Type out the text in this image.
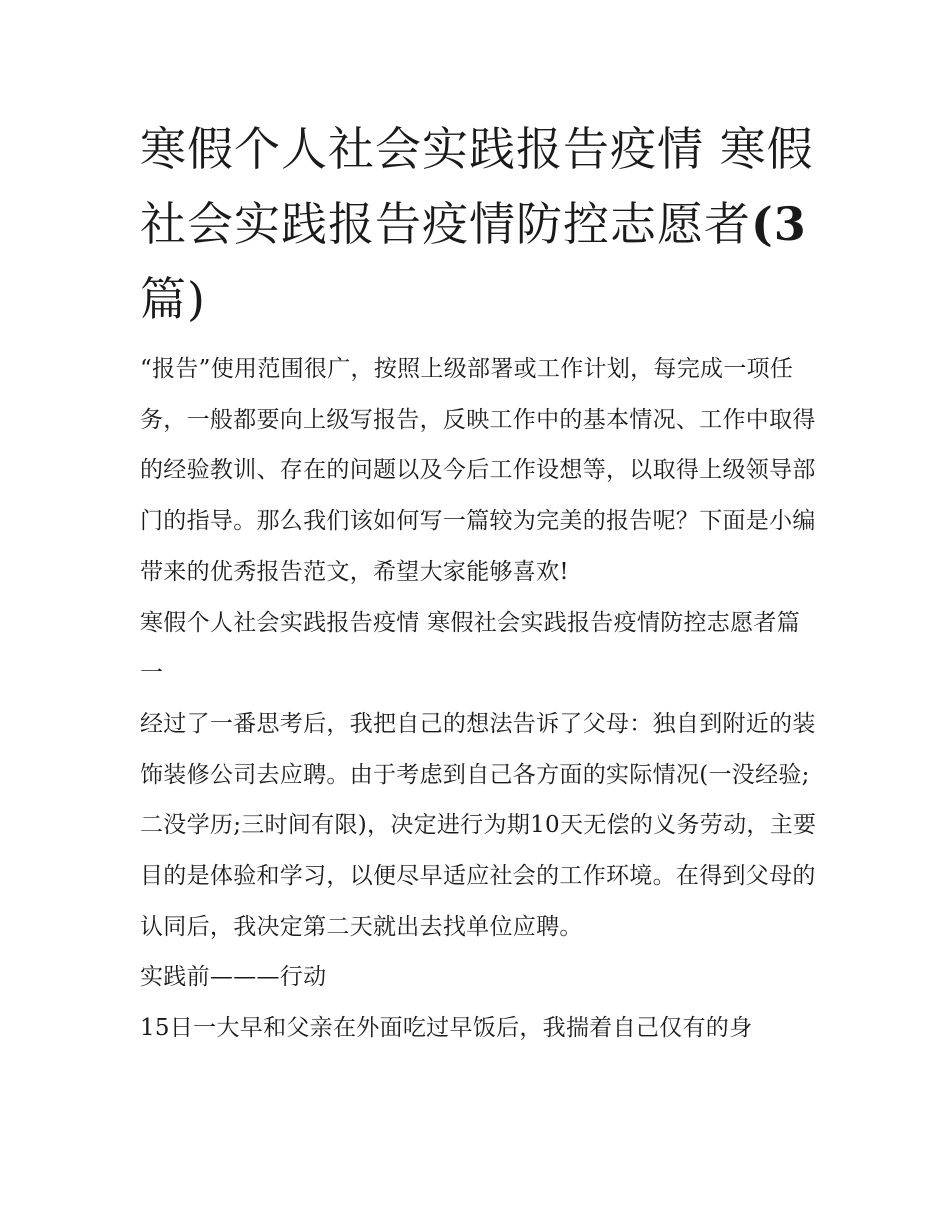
寒假个人社会实践报告疫情 寒假社会实践报告疫情防控志愿者(3 篇)

“报告”使用范围很广，按照上级部署或工作计划，每完成一项任务，一般都要向上级写报告，反映工作中的基本情况、工作中取得的经验教训、存在的问题以及今后工作设想等，以取得上级领导部门的指导。那么我们该如何写一篇较为完美的报告呢？下面是小编带来的优秀报告范文，希望大家能够喜欢!

寒假个人社会实践报告疫情 寒假社会实践报告疫情防控志愿者篇一

经过了一番思考后，我把自己的想法告诉了父母：独自到附近的装饰装修公司去应聘。由于考虑到自己各方面的实际情况(一没经验;二没学历;三时间有限)，决定进行为期10天无偿的义务劳动，主要目的是体验和学习，以便尽早适应社会的工作环境。在得到父母的认同后，我决定第二天就出去找单位应聘。

实践前———行动

15日一大早和父亲在外面吃过早饭后，我揣着自己仅有的身
